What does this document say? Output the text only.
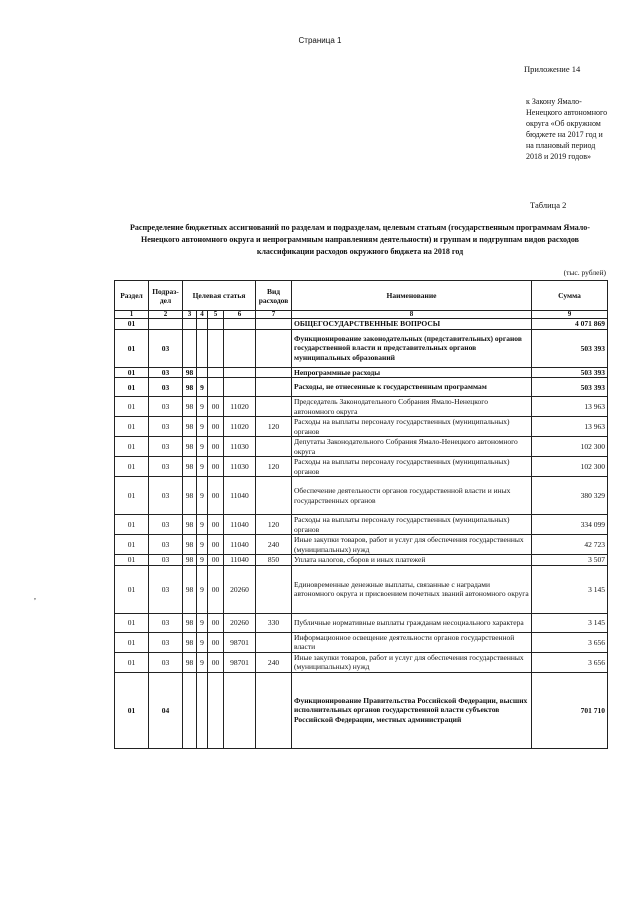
Страница 1
Приложение 14
к Закону Ямало-Ненецкого автономного округа «Об окружном бюджете на 2017 год и на плановый период 2018 и 2019 годов»
Таблица 2
Распределение бюджетных ассигнований по разделам и подразделам, целевым статьям (государственным программам Ямало-Ненецкого автономного округа и непрограммным направлениям деятельности) и группам и подгруппам видов расходов классификации расходов окружного бюджета на 2018 год
(тыс. рублей)
,
Раздел	Подраз-дел	Целевая статья				Вид расходов	Наименование	Сумма
1	2	3	4	5	6	7	8	9
01							ОБЩЕГОСУДАРСТВЕННЫЕ ВОПРОСЫ	4 071 869
01	03						Функционирование законодательных (представительных) органов государственной власти и представительных органов муниципальных образований	503 393
01	03	98					Непрограммные расходы	503 393
01	03	98	9				Расходы, не отнесенные к государственным программам	503 393
01	03	98	9	00	11020		Председатель Законодательного Собрания Ямало-Ненецкого автономного округа	13 963
01	03	98	9	00	11020	120	Расходы на выплаты персоналу государственных (муниципальных) органов	13 963
01	03	98	9	00	11030		Депутаты Законодательного Собрания Ямало-Ненецкого автономного округа	102 300
01	03	98	9	00	11030	120	Расходы на выплаты персоналу государственных (муниципальных) органов	102 300
01	03	98	9	00	11040		Обеспечение деятельности органов государственной власти и иных государственных органов	380 329
01	03	98	9	00	11040	120	Расходы на выплаты персоналу государственных (муниципальных) органов	334 099
01	03	98	9	00	11040	240	Иные закупки товаров, работ и услуг для обеспечения государственных (муниципальных) нужд	42 723
01	03	98	9	00	11040	850	Уплата налогов, сборов и иных платежей	3 507
01	03	98	9	00	20260		Единовременные денежные выплаты, связанные с наградами автономного округа и присвоением почетных званий автономного округа	3 145
01	03	98	9	00	20260	330	Публичные нормативные выплаты гражданам несоциального характера	3 145
01	03	98	9	00	98701		Информационное освещение деятельности органов государственной власти	3 656
01	03	98	9	00	98701	240	Иные закупки товаров, работ и услуг для обеспечения государственных (муниципальных) нужд	3 656
01	04						Функционирование Правительства Российской Федерации, высших исполнительных органов государственной власти субъектов Российской Федерации, местных администраций	701 710
